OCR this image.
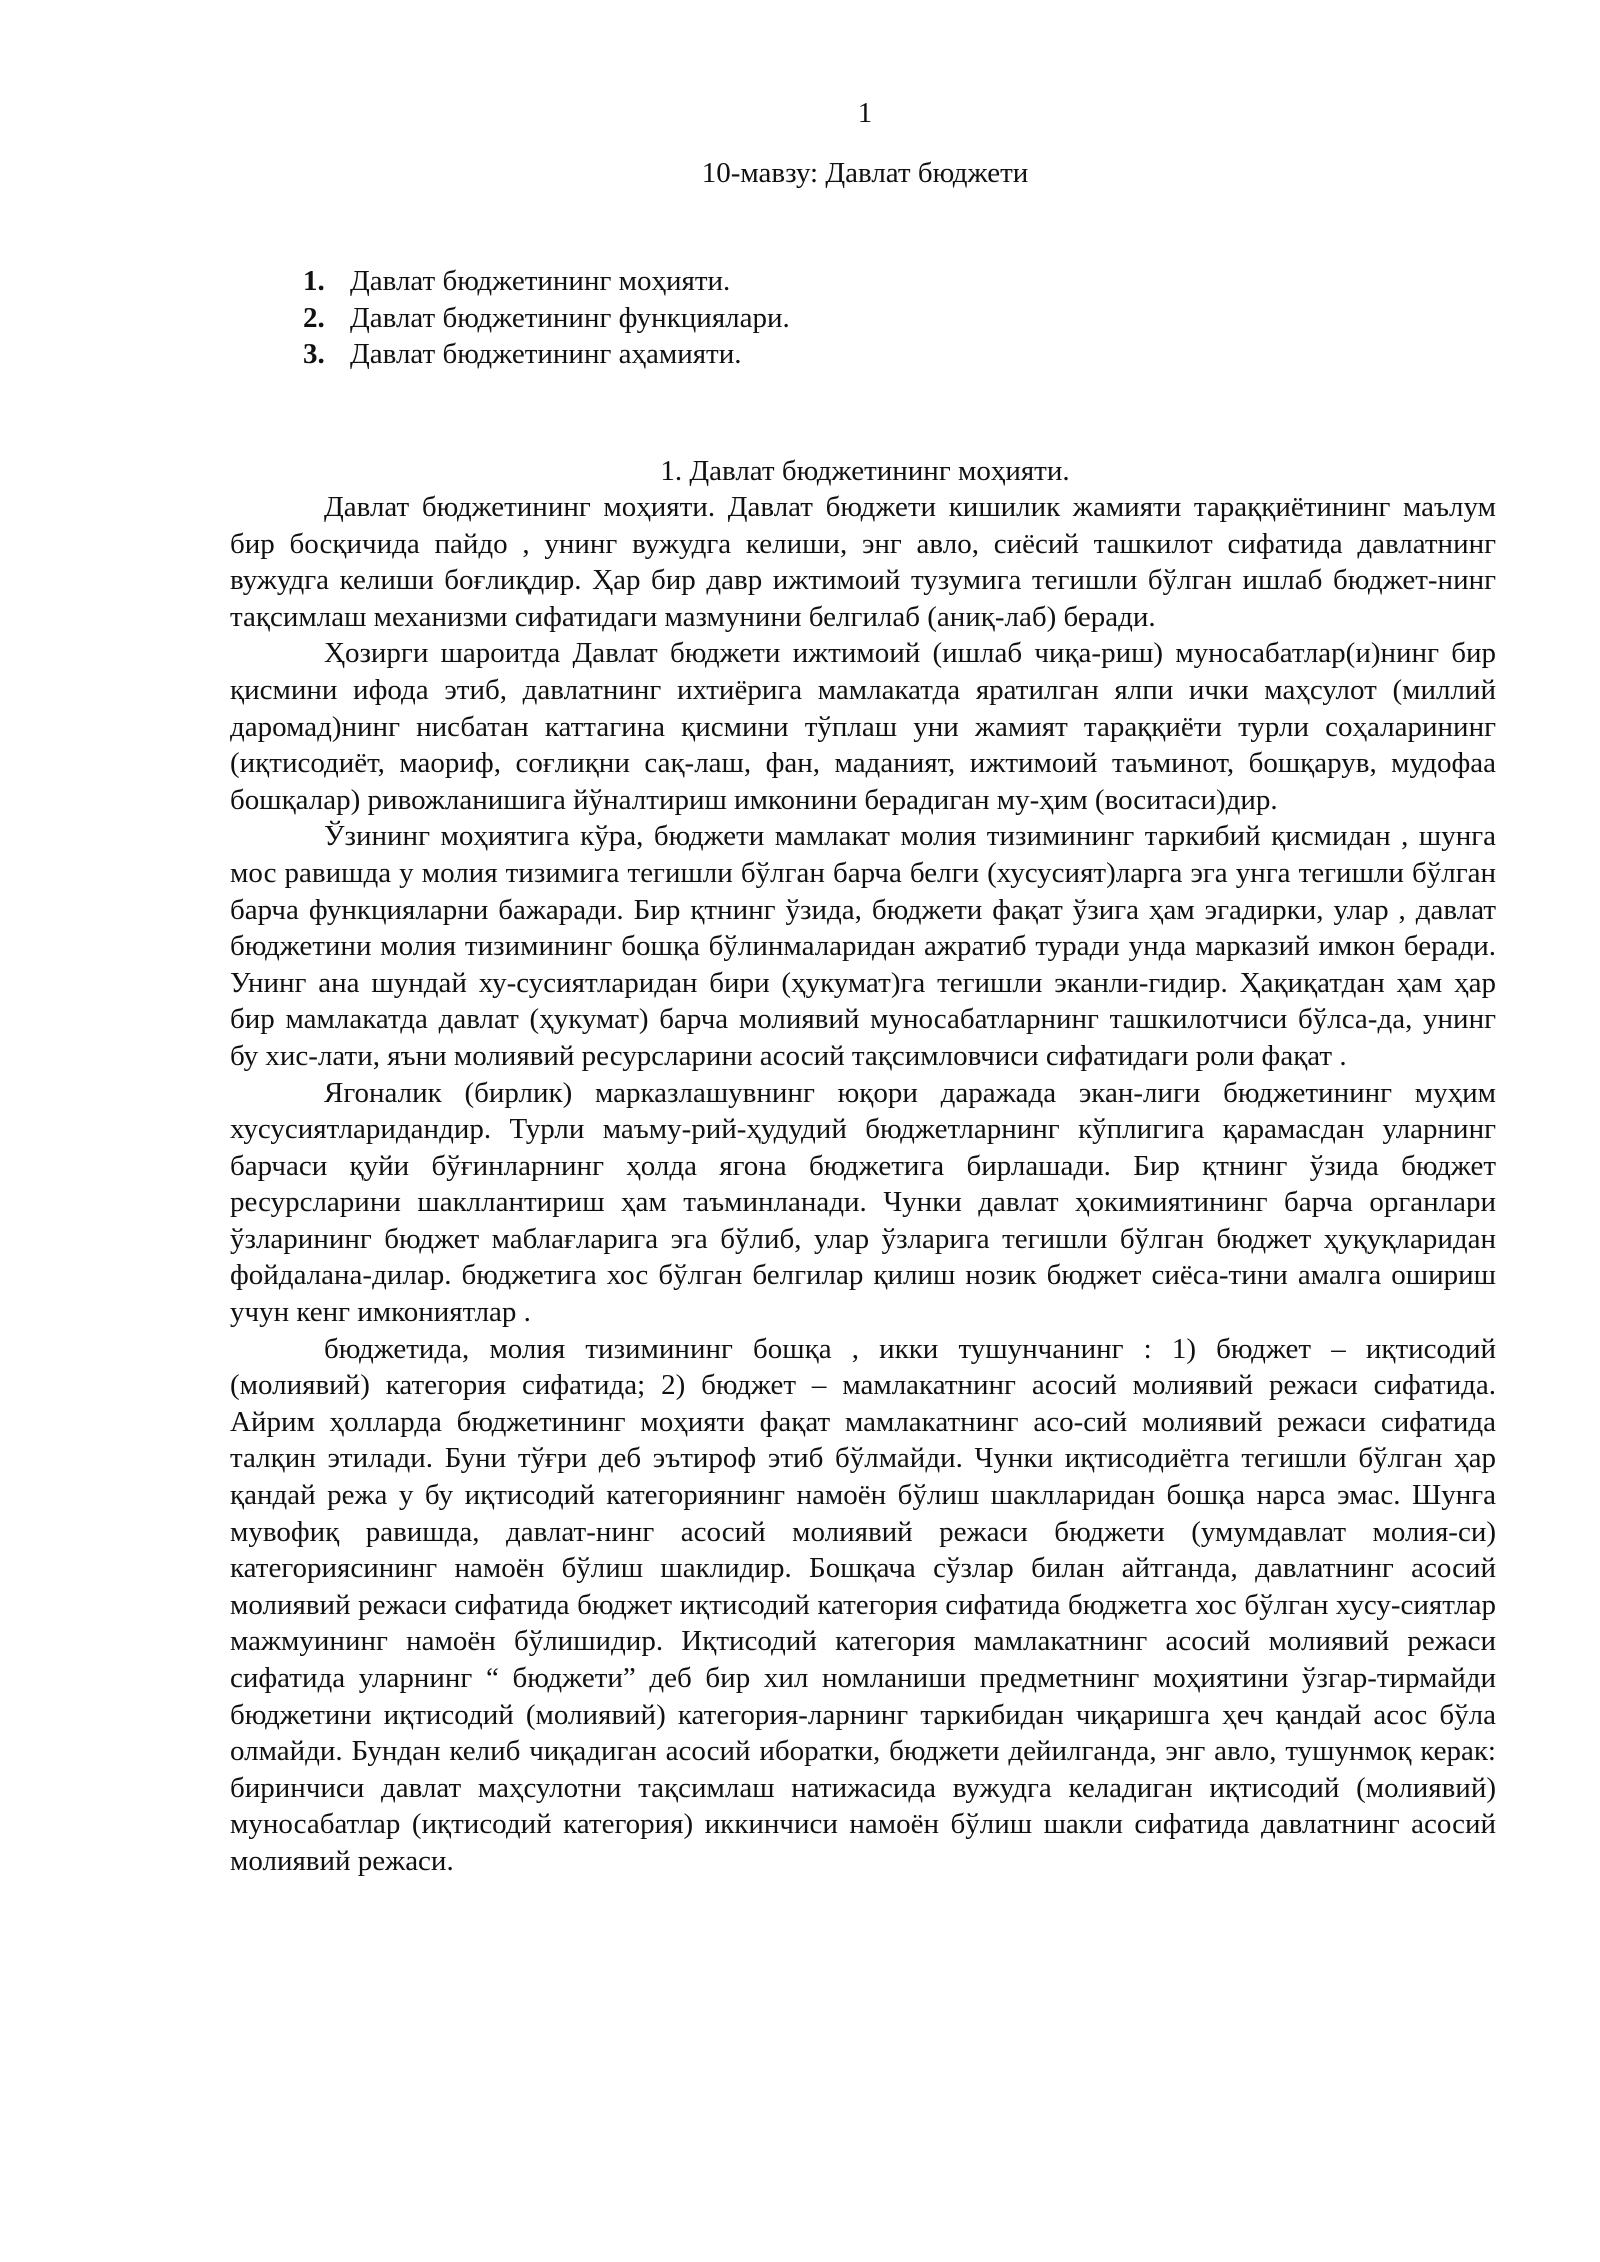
1
10-мавзу: Давлат бюджети
1. Давлат бюджетининг моҳияти.
2. Давлат бюджетининг функциялари.
3. Давлат бюджетининг аҳамияти.
1. Давлат бюджетининг моҳияти.

Давлат бюджетининг моҳияти. Давлат бюджети кишилик жамияти тараққиётининг маълум бир босқичида пайдо , унинг вужудга келиши, энг авло, сиёсий ташкилот сифатида давлатнинг вужудга келиши боғлиқдир. Ҳар бир давр ижтимоий тузумига тегишли бўлган ишлаб бюджет-нинг тақсимлаш механизми сифатидаги мазмунини белгилаб (аниқ-лаб) беради.

Ҳозирги шароитда Давлат бюджети ижтимоий (ишлаб чиқа-риш) муносабатлар(и)нинг бир қисмини ифода этиб, давлатнинг ихтиёрига мамлакатда яратилган ялпи ички маҳсулот (миллий даромад)нинг нисбатан каттагина қисмини тўплаш уни жамият тараққиёти турли соҳаларининг (иқтисодиёт, маориф, соғлиқни сақ-лаш, фан, маданият, ижтимоий таъминот, бошқарув, мудофаа бошқалар) ривожланишига йўналтириш имконини берадиган му-ҳим (воситаси)дир.

Ўзининг моҳиятига кўра, бюджети мамлакат молия тизимининг таркибий қисмидан , шунга мос равишда у молия тизимига тегишли бўлган барча белги (хусусият)ларга эга унга тегишли бўлган барча функцияларни бажаради. Бир қтнинг ўзида, бюджети фақат ўзига ҳам эгадирки, улар , давлат бюджетини молия тизимининг бошқа бўлинмаларидан ажратиб туради унда марказий имкон беради. Унинг ана шундай ху-сусиятларидан бири (ҳукумат)га тегишли эканли-гидир. Ҳақиқатдан ҳам ҳар бир мамлакатда давлат (ҳукумат) барча молиявий муносабатларнинг ташкилотчиси бўлса-да, унинг бу хис-лати, яъни молиявий ресурсларини асосий тақсимловчиси сифатидаги роли фақат .

Ягоналик (бирлик) марказлашувнинг юқори даражада экан-лиги бюджетининг муҳим хусусиятларидандир. Турли маъму-рий-ҳудудий бюджетларнинг кўплигига қарамасдан уларнинг барчаси қуйи бўғинларнинг ҳолда ягона бюджетига бирлашади. Бир қтнинг ўзида бюджет ресурсларини шакллантириш ҳам таъминланади. Чунки давлат ҳокимиятининг барча органлари ўзларининг бюджет маблағларига эга бўлиб, улар ўзларига тегишли бўлган бюджет ҳуқуқларидан фойдалана-дилар. бюджетига хос бўлган белгилар қилиш нозик бюджет сиёса-тини амалга ошириш учун кенг имкониятлар .

бюджетида, молия тизимининг бошқа , икки тушунчанинг : 1) бюджет – иқтисодий (молиявий) категория сифатида; 2) бюджет – мамлакатнинг асосий молиявий режаси сифатида. Айрим ҳолларда бюджетининг моҳияти фақат мамлакатнинг асо-сий молиявий режаси сифатида талқин этилади. Буни тўғри деб эътироф этиб бўлмайди. Чунки иқтисодиётга тегишли бўлган ҳар қандай режа у бу иқтисодий категориянинг намоён бўлиш шаклларидан бошқа нарса эмас. Шунга мувофиқ равишда, давлат-нинг асосий молиявий режаси бюджети (умумдавлат молия-си) категориясининг намоён бўлиш шаклидир. Бошқача сўзлар билан айтганда, давлатнинг асосий молиявий режаси сифатида бюджет иқтисодий категория сифатида бюджетга хос бўлган хусу-сиятлар мажмуининг намоён бўлишидир. Иқтисодий категория мамлакатнинг асосий молиявий режаси сифатида уларнинг “ бюджети” деб бир хил номланиши предметнинг моҳиятини ўзгар-тирмайди бюджетини иқтисодий (молиявий) категория-ларнинг таркибидан чиқаришга ҳеч қандай асос бўла олмайди. Бундан келиб чиқадиган асосий иборатки, бюджети дейилганда, энг авло, тушунмоқ керак: биринчиси давлат маҳсулотни тақсимлаш натижасида вужудга келадиган иқтисодий (молиявий) муносабатлар (иқтисодий категория) иккинчиси намоён бўлиш шакли сифатида давлатнинг асосий молиявий режаси.
